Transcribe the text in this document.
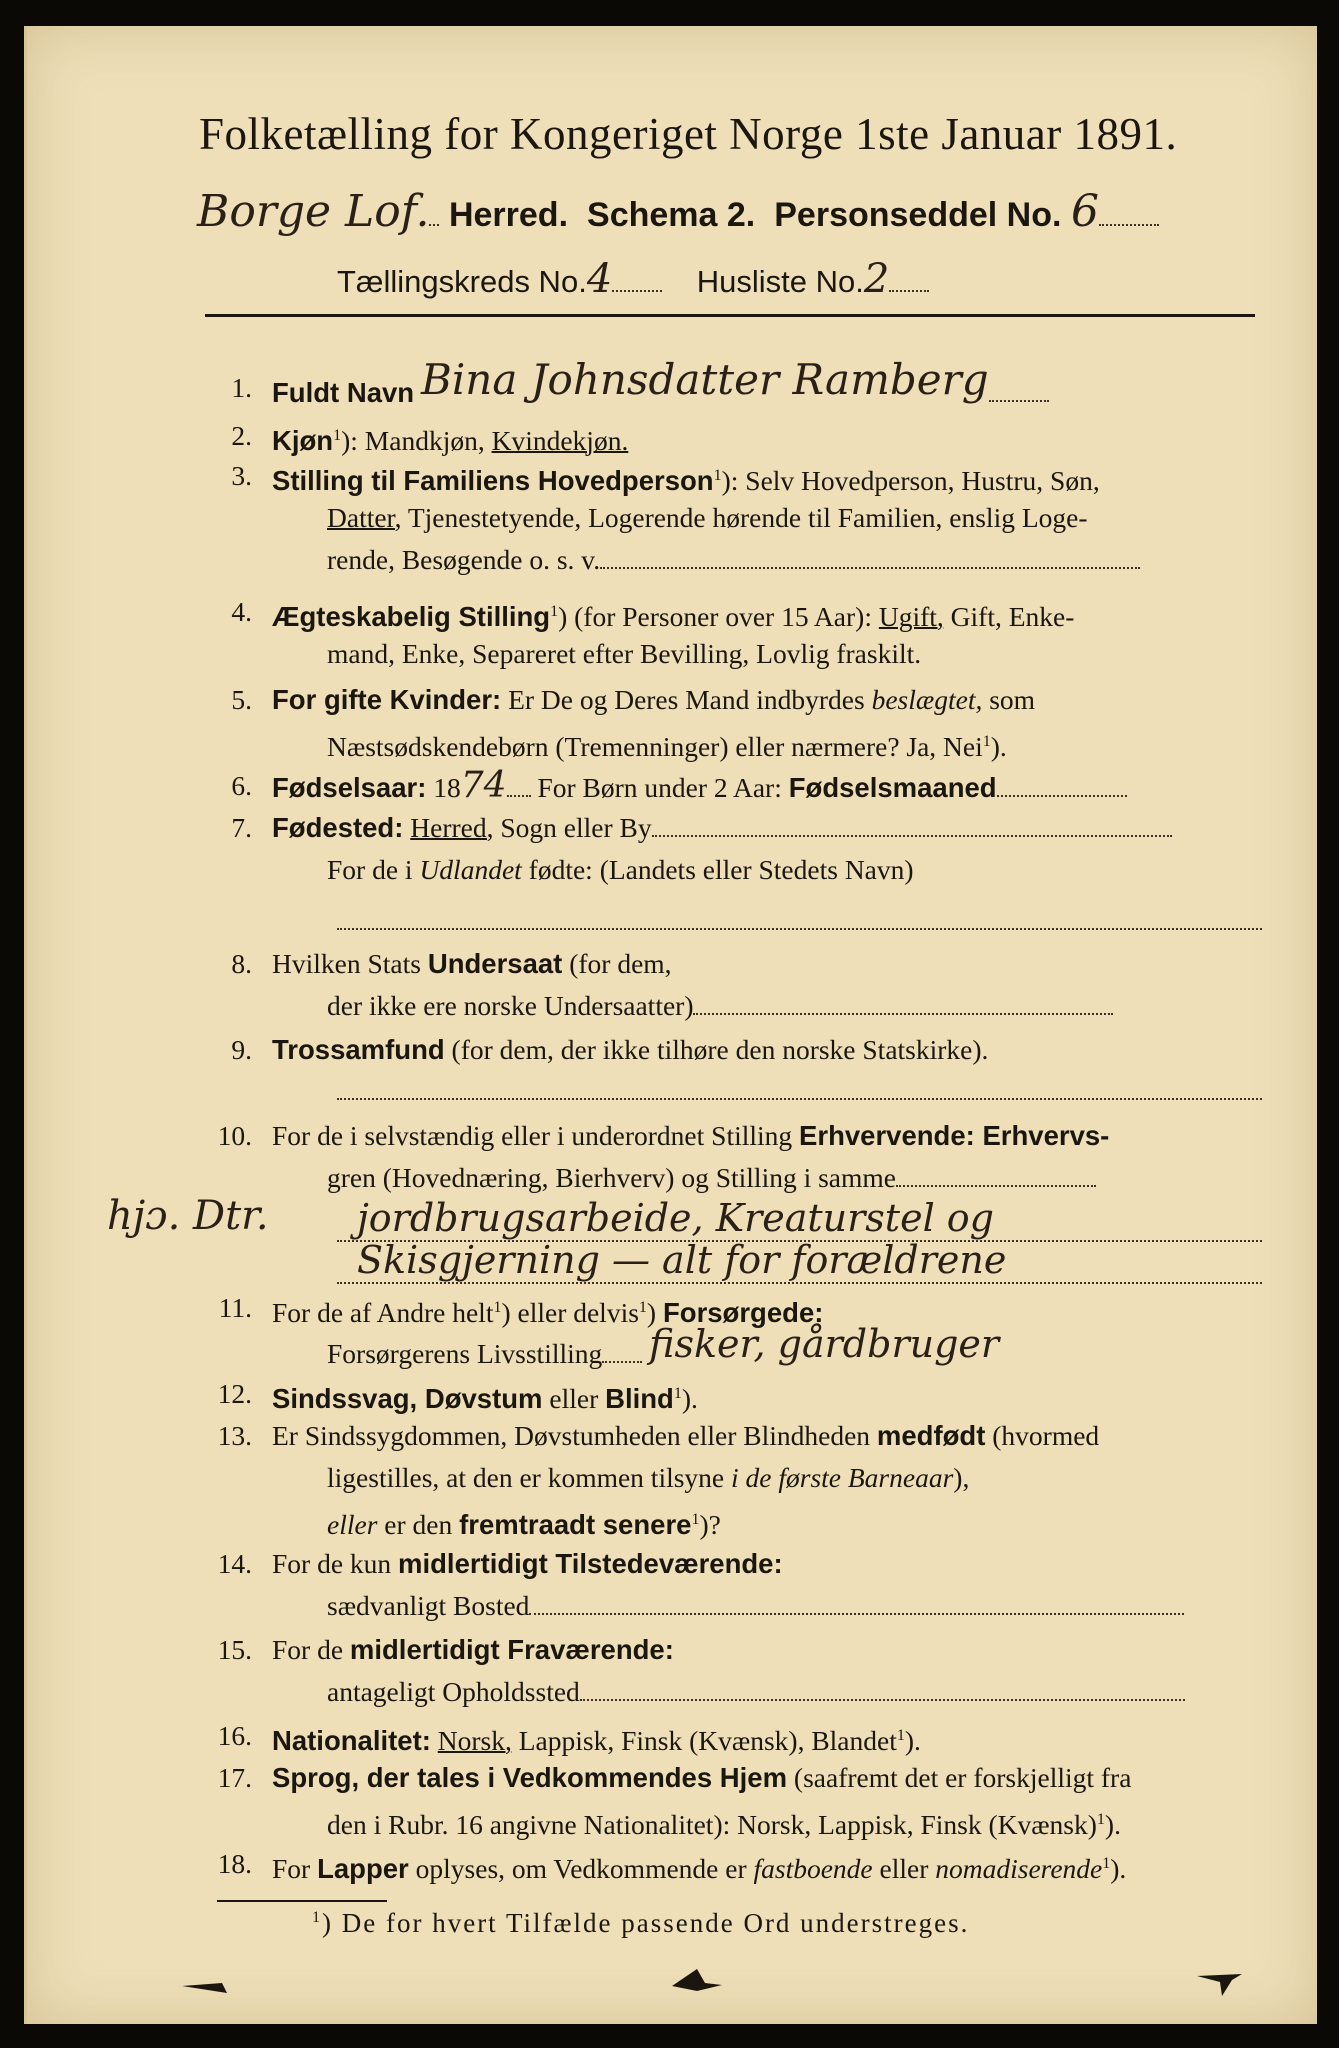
Folketælling for Kongeriget Norge 1ste Januar 1891.
Borge Lof. Herred. Schema 2. Personseddel No. 6
Tællingskreds No.4	Husliste No.2
1. Fuldt Navn Bina Johnsdatter Ramberg
2. Kjøn$^1$): Mandkjøn, Kvindekjøn.
3. Stilling til Familiens Hovedperson$^1$): Selv Hovedperson, Hustru, Søn,
Datter, Tjenestetyende, Logerende hørende til Familien, enslig Loge-
rende, Besøgende o. s. v.
4. Ægteskabelig Stilling$^1$) (for Personer over 15 Aar): Ugift, Gift, Enke-
mand, Enke, Separeret efter Bevilling, Lovlig fraskilt.
5. For gifte Kvinder: Er De og Deres Mand indbyrdes beslægtet, som
Næstsødskendebørn (Tremenninger) eller nærmere? Ja, Nei$^1$).
6. Fødselsaar: 1874 For Børn under 2 Aar: Fødselsmaaned
7. Fødested: Herred, Sogn eller By
For de i Udlandet fødte: (Landets eller Stedets Navn)
8. Hvilken Stats Undersaat (for dem,
der ikke ere norske Undersaatter)
9. Trossamfund (for dem, der ikke tilhøre den norske Statskirke).
10. For de i selvstændig eller i underordnet Stilling Erhvervende: Erhvervs-
gren (Hovednæring, Bierhverv) og Stilling i samme
hjɔ. Dtr. jordbrugsarbeide, Kreaturstel og
Skisgjerning — alt for forældrene
11. For de af Andre helt$^1$) eller delvis$^1$) Forsørgede:
Forsørgerens Livsstilling fisker, gårdbruger
12. Sindssvag, Døvstum eller Blind$^1$).
13. Er Sindssygdommen, Døvstumheden eller Blindheden medfødt (hvormed
ligestilles, at den er kommen tilsyne i de første Barneaar),
eller er den fremtraadt senere$^1$)?
14. For de kun midlertidigt Tilstedeværende:
sædvanligt Bosted
15. For de midlertidigt Fraværende:
antageligt Opholdssted
16. Nationalitet: Norsk, Lappisk, Finsk (Kvænsk), Blandet$^1$).
17. Sprog, der tales i Vedkommendes Hjem (saafremt det er forskjelligt fra
den i Rubr. 16 angivne Nationalitet): Norsk, Lappisk, Finsk (Kvænsk)$^1$).
18. For Lapper oplyses, om Vedkommende er fastboende eller nomadiserende$^1$).
$^1$) De for hvert Tilfælde passende Ord understreges.
